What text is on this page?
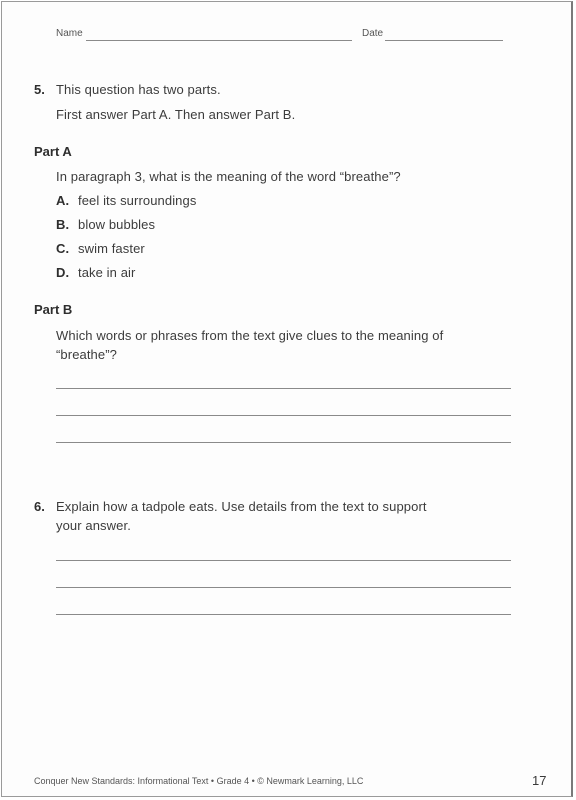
Name	Date
5. This question has two parts.
First answer Part A. Then answer Part B.
Part A
In paragraph 3, what is the meaning of the word “breathe”?
A. feel its surroundings
B. blow bubbles
C. swim faster
D. take in air
Part B
Which words or phrases from the text give clues to the meaning of
“breathe”?
6. Explain how a tadpole eats. Use details from the text to support
your answer.
Conquer New Standards: Informational Text • Grade 4 • © Newmark Learning, LLC	17
